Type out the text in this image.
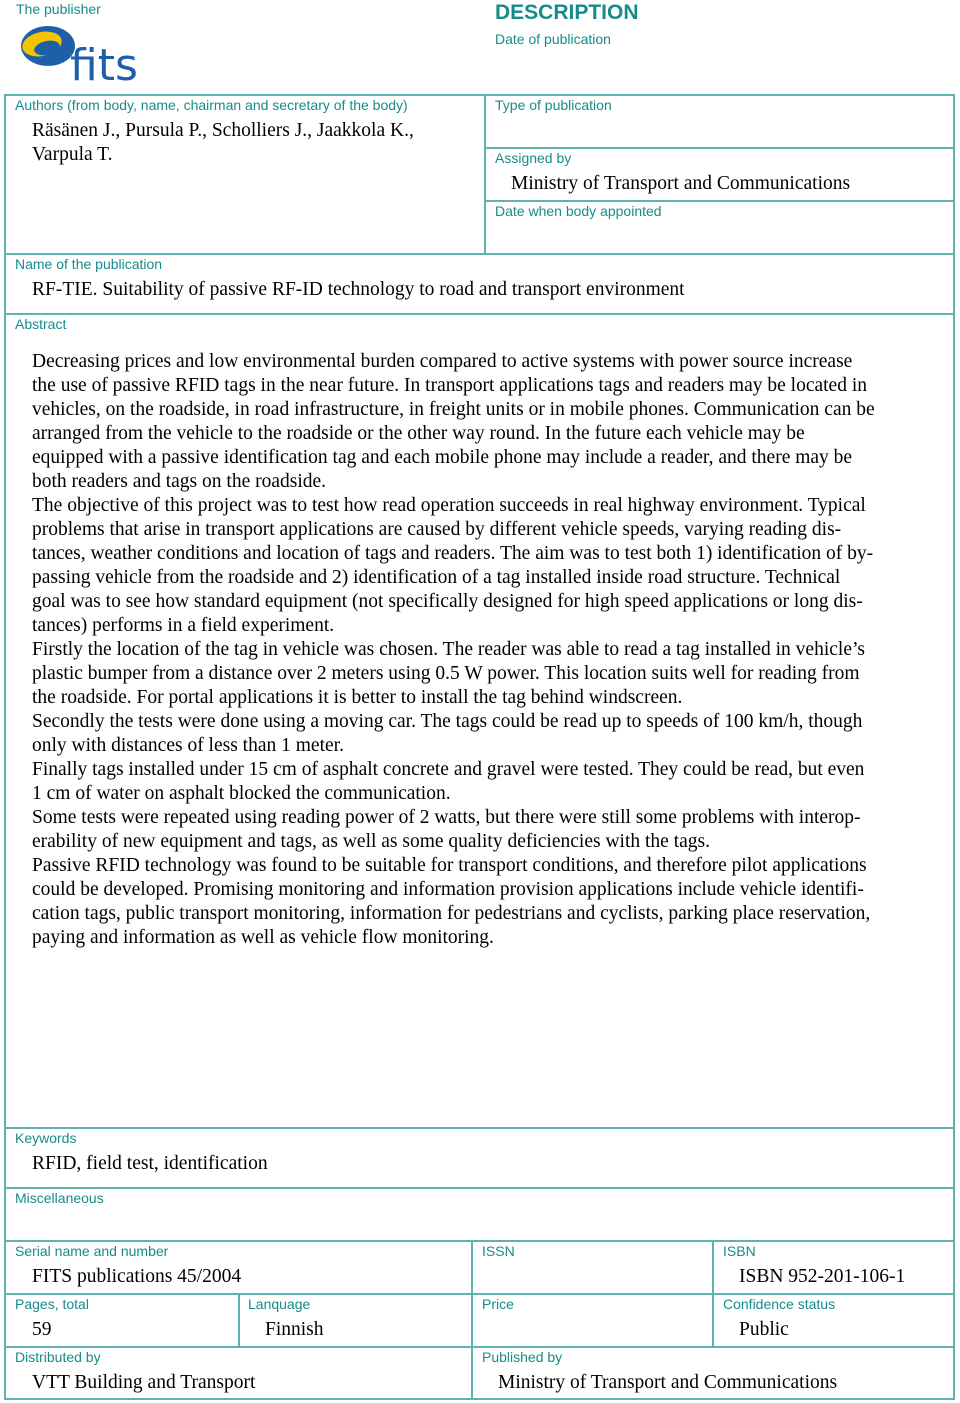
The publisher
fits
DESCRIPTION
Date of publication
Authors (from body, name, chairman and secretary of the body)
Räsänen J., Pursula P., Scholliers J., Jaakkola K.,
Varpula T.
Type of publication
Assigned by
Ministry of Transport and Communications
Date when body appointed
Name of the publication
RF-TIE. Suitability of passive RF-ID technology to road and transport environment
Abstract

Decreasing prices and low environmental burden compared to active systems with power source increase

the use of passive RFID tags in the near future. In transport applications tags and readers may be located in

vehicles, on the roadside, in road infrastructure, in freight units or in mobile phones. Communication can be

arranged from the vehicle to the roadside or the other way round. In the future each vehicle may be

equipped with a passive identification tag and each mobile phone may include a reader, and there may be

both readers and tags on the roadside.

The objective of this project was to test how read operation succeeds in real highway environment. Typical

problems that arise in transport applications are caused by different vehicle speeds, varying reading dis-

tances, weather conditions and location of tags and readers. The aim was to test both 1) identification of by-

passing vehicle from the roadside and 2) identification of a tag installed inside road structure. Technical

goal was to see how standard equipment (not specifically designed for high speed applications or long dis-

tances) performs in a field experiment.

Firstly the location of the tag in vehicle was chosen. The reader was able to read a tag installed in vehicle’s

plastic bumper from a distance over 2 meters using 0.5 W power. This location suits well for reading from

the roadside. For portal applications it is better to install the tag behind windscreen.

Secondly the tests were done using a moving car. The tags could be read up to speeds of 100 km/h, though

only with distances of less than 1 meter.

Finally tags installed under 15 cm of asphalt concrete and gravel were tested. They could be read, but even

1 cm of water on asphalt blocked the communication.

Some tests were repeated using reading power of 2 watts, but there were still some problems with interop-

erability of new equipment and tags, as well as some quality deficiencies with the tags.

Passive RFID technology was found to be suitable for transport conditions, and therefore pilot applications

could be developed. Promising monitoring and information provision applications include vehicle identifi-

cation tags, public transport monitoring, information for pedestrians and cyclists, parking place reservation,

paying and information as well as vehicle flow monitoring.

Keywords
RFID, field test, identification
Miscellaneous
Serial name and number
FITS publications 45/2004
ISSN	ISBN
ISBN 952-201-106-1
Pages, total
59
Lanquage
Finnish
Price	Confidence status
Public
Distributed by
VTT Building and Transport
Published by
Ministry of Transport and Communications
